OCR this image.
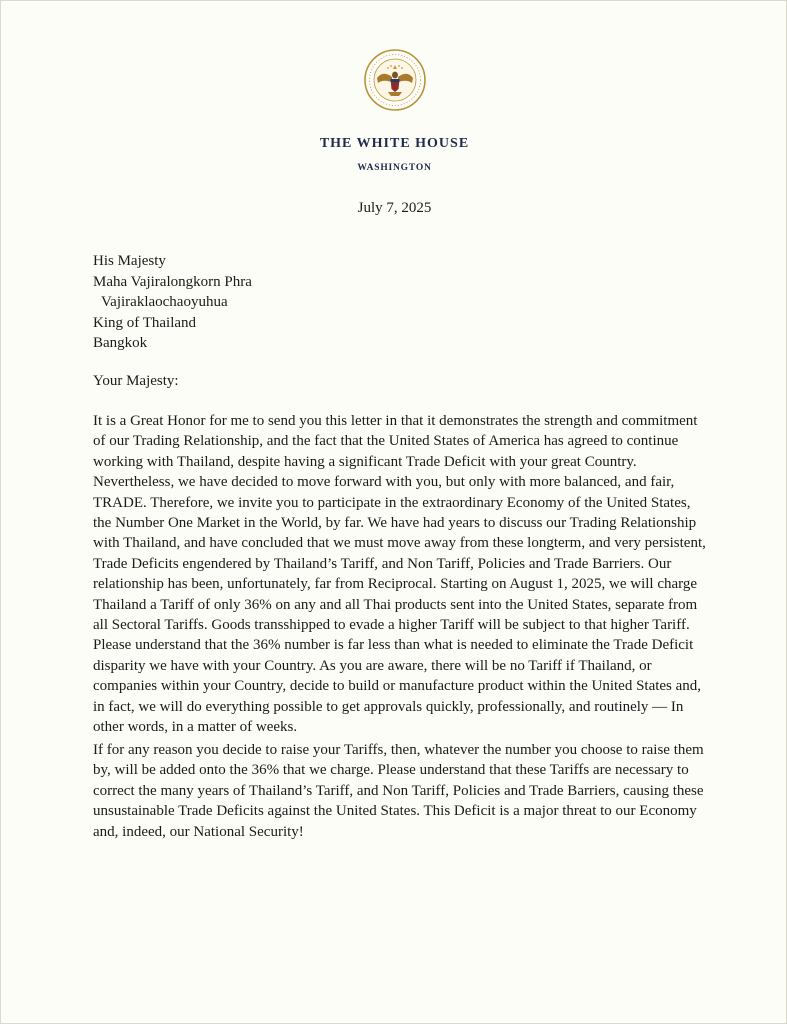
THE WHITE HOUSE
WASHINGTON
July 7, 2025
His Majesty
Maha Vajiralongkorn Phra
Vajiraklaochaoyuhua
King of Thailand
Bangkok
Your Majesty:
It is a Great Honor for me to send you this letter in that it demonstrates the strength and commitment of our Trading Relationship, and the fact that the United States of America has agreed to continue working with Thailand, despite having a significant Trade Deficit with your great Country. Nevertheless, we have decided to move forward with you, but only with more balanced, and fair, TRADE. Therefore, we invite you to participate in the extraordinary Economy of the United States, the Number One Market in the World, by far. We have had years to discuss our Trading Relationship with Thailand, and have concluded that we must move away from these longterm, and very persistent, Trade Deficits engendered by Thailand’s Tariff, and Non Tariff, Policies and Trade Barriers. Our relationship has been, unfortunately, far from Reciprocal. Starting on August 1, 2025, we will charge Thailand a Tariff of only 36% on any and all Thai products sent into the United States, separate from all Sectoral Tariffs. Goods transshipped to evade a higher Tariff will be subject to that higher Tariff. Please understand that the 36% number is far less than what is needed to eliminate the Trade Deficit disparity we have with your Country. As you are aware, there will be no Tariff if Thailand, or companies within your Country, decide to build or manufacture product within the United States and, in fact, we will do everything possible to get approvals quickly, professionally, and routinely — In other words, in a matter of weeks.
If for any reason you decide to raise your Tariffs, then, whatever the number you choose to raise them by, will be added onto the 36% that we charge. Please understand that these Tariffs are necessary to correct the many years of Thailand’s Tariff, and Non Tariff, Policies and Trade Barriers, causing these unsustainable Trade Deficits against the United States. This Deficit is a major threat to our Economy and, indeed, our National Security!
